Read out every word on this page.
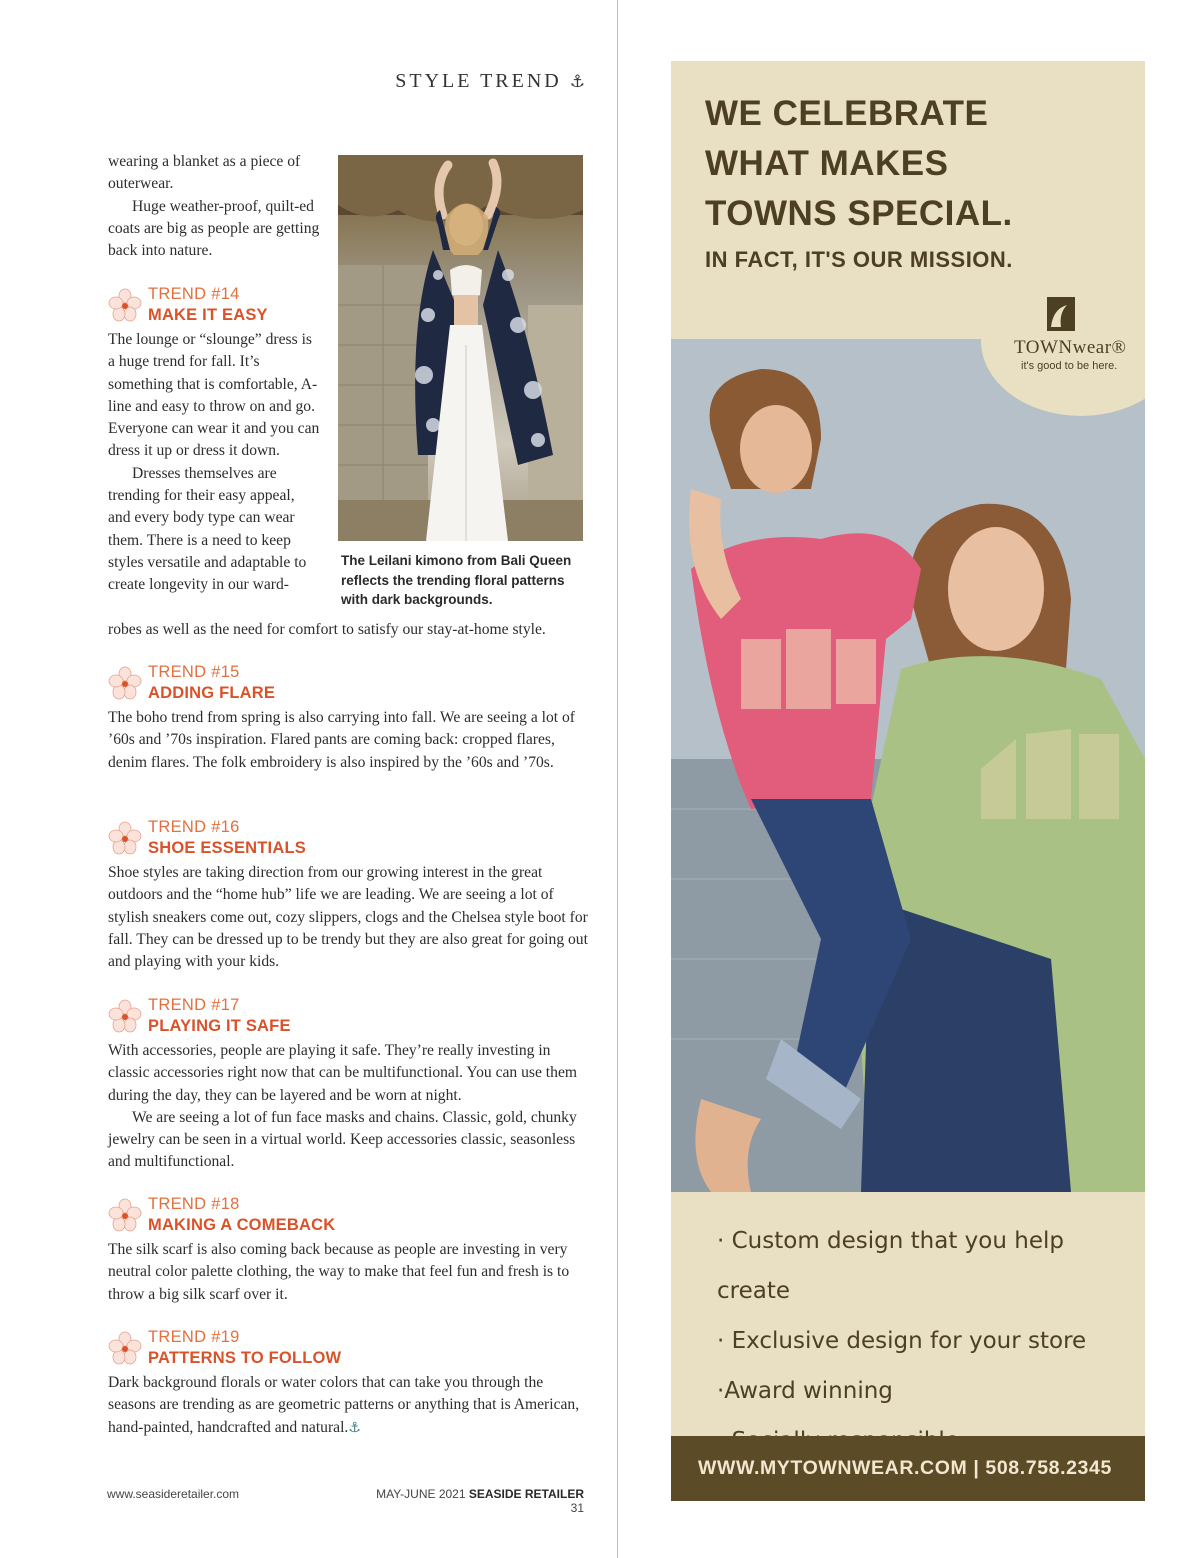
STYLE TREND ⚓

wearing a blanket as a piece of outerwear.

Huge weather-proof, quilt-ed coats are big as people are getting back into nature.

TREND #14
MAKE IT EASY

The lounge or “slounge” dress is a huge trend for fall. It’s something that is comfortable, A-line and easy to throw on and go. Everyone can wear it and you can dress it up or dress it down.

Dresses themselves are trending for their easy appeal, and every body type can wear them. There is a need to keep styles versatile and adaptable to create longevity in our ward-

robes as well as the need for comfort to satisfy our stay-at-home style.

The Leilani kimono from Bali Queen reflects the trending floral patterns with dark backgrounds.
TREND #15
ADDING FLARE

The boho trend from spring is also carrying into fall. We are seeing a lot of ’60s and ’70s inspiration. Flared pants are coming back: cropped flares, denim flares. The folk embroidery is also inspired by the ’60s and ’70s.

TREND #16
SHOE ESSENTIALS

Shoe styles are taking direction from our growing interest in the great outdoors and the “home hub” life we are leading. We are seeing a lot of stylish sneakers come out, cozy slippers, clogs and the Chelsea style boot for fall. They can be dressed up to be trendy but they are also great for going out and playing with your kids.

TREND #17
PLAYING IT SAFE

With accessories, people are playing it safe. They’re really investing in classic accessories right now that can be multifunctional. You can use them during the day, they can be layered and be worn at night.

We are seeing a lot of fun face masks and chains. Classic, gold, chunky jewelry can be seen in a virtual world. Keep accessories classic, seasonless and multifunctional.

TREND #18
MAKING A COMEBACK

The silk scarf is also coming back because as people are investing in very neutral color palette clothing, the way to make that feel fun and fresh is to throw a big silk scarf over it.

TREND #19
PATTERNS TO FOLLOW

Dark background florals or water colors that can take you through the seasons are trending as are geometric patterns or anything that is American, hand-painted, handcrafted and natural.⚓

www.seasideretailer.com	MAY-JUNE 2021 SEASIDE RETAILER 31
WE CELEBRATE
WHAT MAKES
TOWNS SPECIAL.
IN FACT, IT'S OUR MISSION.
TOWNwear®
it's good to be here.
· Custom design that you help create
· Exclusive design for your store
·Award winning
WWW.MYTOWNWEAR.COM | 508.758.2345
